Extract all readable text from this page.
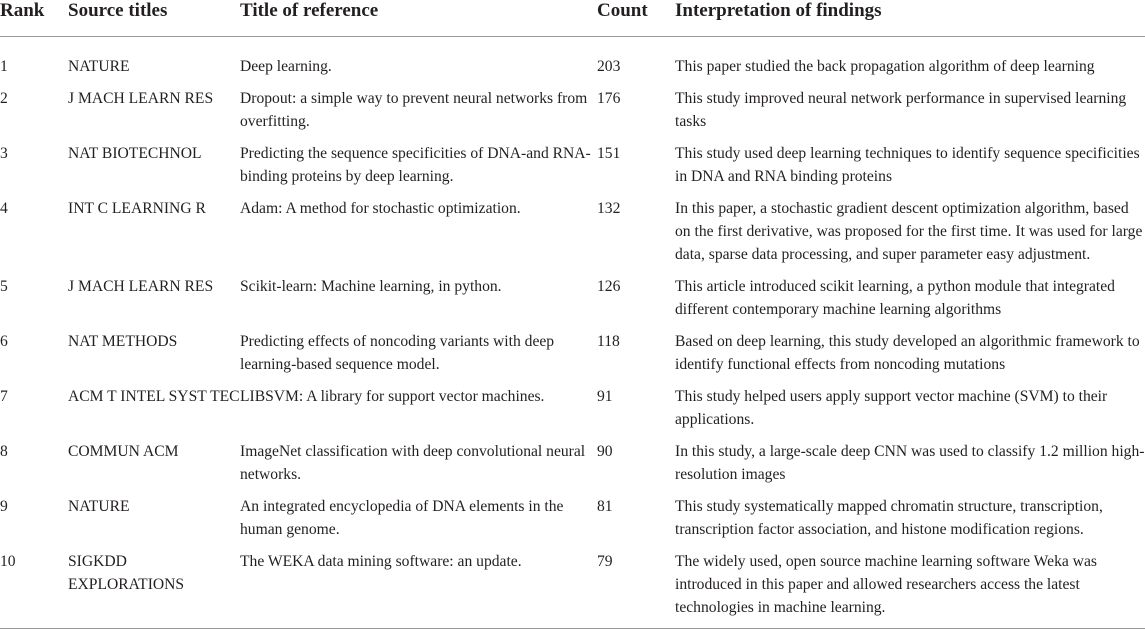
Rank	Source titles	Title of reference	Count	Interpretation of findings
1	NATURE	Deep learning.	203	This paper studied the back propagation algorithm of deep learning
2	J MACH LEARN RES	Dropout: a simple way to prevent neural networks from overfitting.	176	This study improved neural network performance in supervised learning tasks
3	NAT BIOTECHNOL	Predicting the sequence specificities of DNA-and RNA-binding proteins by deep learning.	151	This study used deep learning techniques to identify sequence specificities in DNA and RNA binding proteins
4	INT C LEARNING R	Adam: A method for stochastic optimization.	132	In this paper, a stochastic gradient descent optimization algorithm, based on the first derivative, was proposed for the first time. It was used for large data, sparse data processing, and super parameter easy adjustment.
5	J MACH LEARN RES	Scikit-learn: Machine learning, in python.	126	This article introduced scikit learning, a python module that integrated different contemporary machine learning algorithms
6	NAT METHODS	Predicting effects of noncoding variants with deep learning-based sequence model.	118	Based on deep learning, this study developed an algorithmic framework to identify functional effects from noncoding mutations
7	ACM T INTEL SYST TEC	LIBSVM: A library for support vector machines.	91	This study helped users apply support vector machine (SVM) to their applications.
8	COMMUN ACM	ImageNet classification with deep convolutional neural networks.	90	In this study, a large-scale deep CNN was used to classify 1.2 million high-resolution images
9	NATURE	An integrated encyclopedia of DNA elements in the human genome.	81	This study systematically mapped chromatin structure, transcription, transcription factor association, and histone modification regions.
10	SIGKDD EXPLORATIONS	The WEKA data mining software: an update.	79	The widely used, open source machine learning software Weka was introduced in this paper and allowed researchers access the latest technologies in machine learning.
